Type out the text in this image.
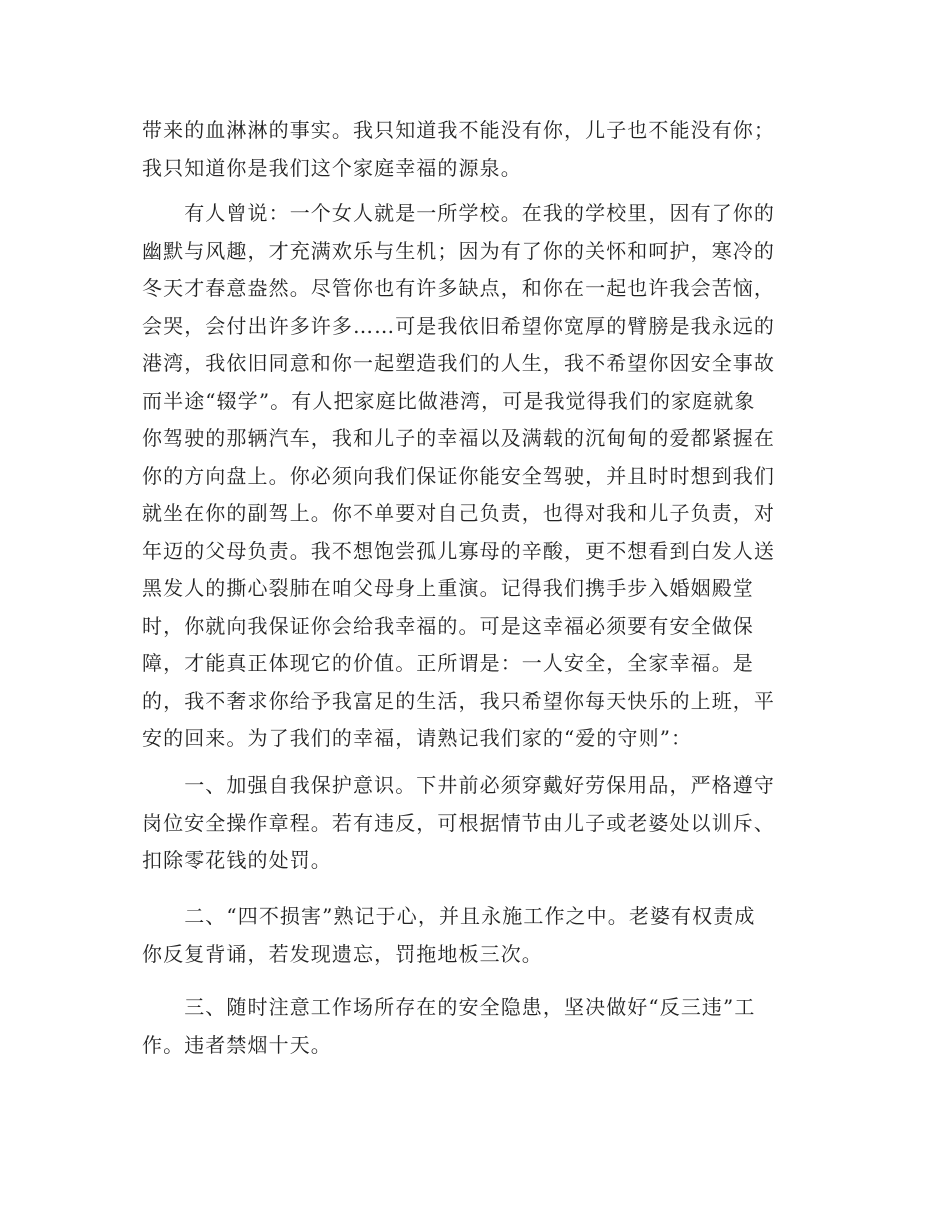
带来的血淋淋的事实。我只知道我不能没有你，儿子也不能没有你；
我只知道你是我们这个家庭幸福的源泉。
　　有人曾说：一个女人就是一所学校。在我的学校里，因有了你的
幽默与风趣，才充满欢乐与生机；因为有了你的关怀和呵护，寒冷的
冬天才春意盎然。尽管你也有许多缺点，和你在一起也许我会苦恼，
会哭，会付出许多许多……可是我依旧希望你宽厚的臂膀是我永远的
港湾，我依旧同意和你一起塑造我们的人生，我不希望你因安全事故
而半途“辍学”。有人把家庭比做港湾，可是我觉得我们的家庭就象
你驾驶的那辆汽车，我和儿子的幸福以及满载的沉甸甸的爱都紧握在
你的方向盘上。你必须向我们保证你能安全驾驶，并且时时想到我们
就坐在你的副驾上。你不单要对自己负责，也得对我和儿子负责，对
年迈的父母负责。我不想饱尝孤儿寡母的辛酸，更不想看到白发人送
黑发人的撕心裂肺在咱父母身上重演。记得我们携手步入婚姻殿堂
时，你就向我保证你会给我幸福的。可是这幸福必须要有安全做保
障，才能真正体现它的价值。正所谓是：一人安全，全家幸福。是
的，我不奢求你给予我富足的生活，我只希望你每天快乐的上班，平
安的回来。为了我们的幸福，请熟记我们家的“爱的守则”：
　　一、加强自我保护意识。下井前必须穿戴好劳保用品，严格遵守
岗位安全操作章程。若有违反，可根据情节由儿子或老婆处以训斥、
扣除零花钱的处罚。
　　二、“四不损害”熟记于心，并且永施工作之中。老婆有权责成
你反复背诵，若发现遗忘，罚拖地板三次。
　　三、随时注意工作场所存在的安全隐患，坚决做好“反三违”工
作。违者禁烟十天。
